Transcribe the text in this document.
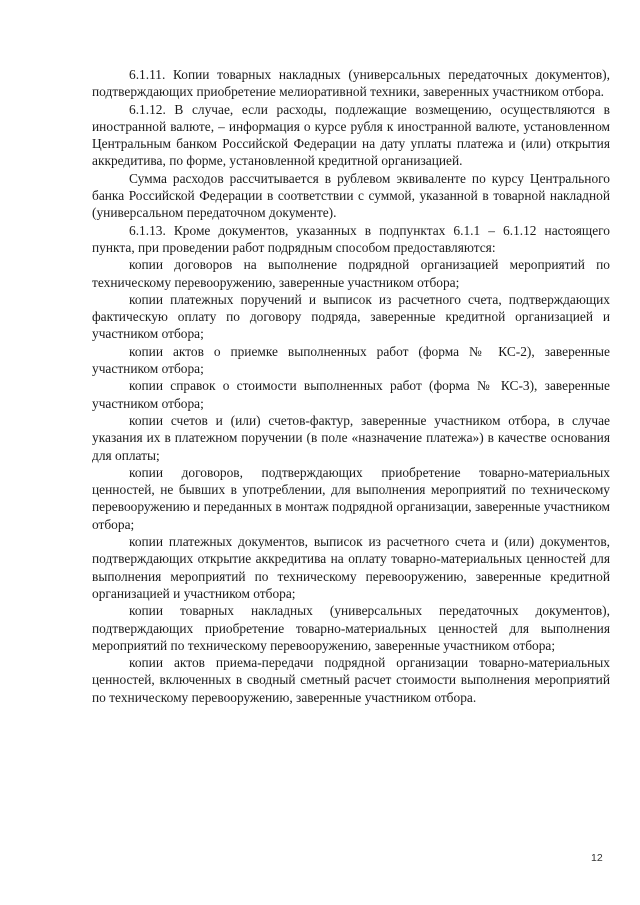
6.1.11. Копии товарных накладных (универсальных передаточных документов), подтверждающих приобретение мелиоративной техники, заверенных участником отбора.

6.1.12. В случае, если расходы, подлежащие возмещению, осуществляются в иностранной валюте, – информация о курсе рубля к иностранной валюте, установленном Центральным банком Российской Федерации на дату уплаты платежа и (или) открытия аккредитива, по форме, установленной кредитной организацией.

Сумма расходов рассчитывается в рублевом эквиваленте по курсу Центрального банка Российской Федерации в соответствии с суммой, указанной в товарной накладной (универсальном передаточном документе).

6.1.13. Кроме документов, указанных в подпунктах 6.1.1 – 6.1.12 настоящего пункта, при проведении работ подрядным способом предоставляются:

копии договоров на выполнение подрядной организацией мероприятий по техническому перевооружению, заверенные участником отбора;

копии платежных поручений и выписок из расчетного счета, подтверждающих фактическую оплату по договору подряда, заверенные кредитной организацией и участником отбора;

копии актов о приемке выполненных работ (форма № КС-2), заверенные участником отбора;

копии справок о стоимости выполненных работ (форма № КС-3), заверенные участником отбора;

копии счетов и (или) счетов-фактур, заверенные участником отбора, в случае указания их в платежном поручении (в поле «назначение платежа») в качестве основания для оплаты;

копии договоров, подтверждающих приобретение товарно-материальных ценностей, не бывших в употреблении, для выполнения мероприятий по техническому перевооружению и переданных в монтаж подрядной организации, заверенные участником отбора;

копии платежных документов, выписок из расчетного счета и (или) документов, подтверждающих открытие аккредитива на оплату товарно-материальных ценностей для выполнения мероприятий по техническому перевооружению, заверенные кредитной организацией и участником отбора;

копии товарных накладных (универсальных передаточных документов), подтверждающих приобретение товарно-материальных ценностей для выполнения мероприятий по техническому перевооружению, заверенные участником отбора;

копии актов приема-передачи подрядной организации товарно-материальных ценностей, включенных в сводный сметный расчет стоимости выполнения мероприятий по техническому перевооружению, заверенные участником отбора.

12
